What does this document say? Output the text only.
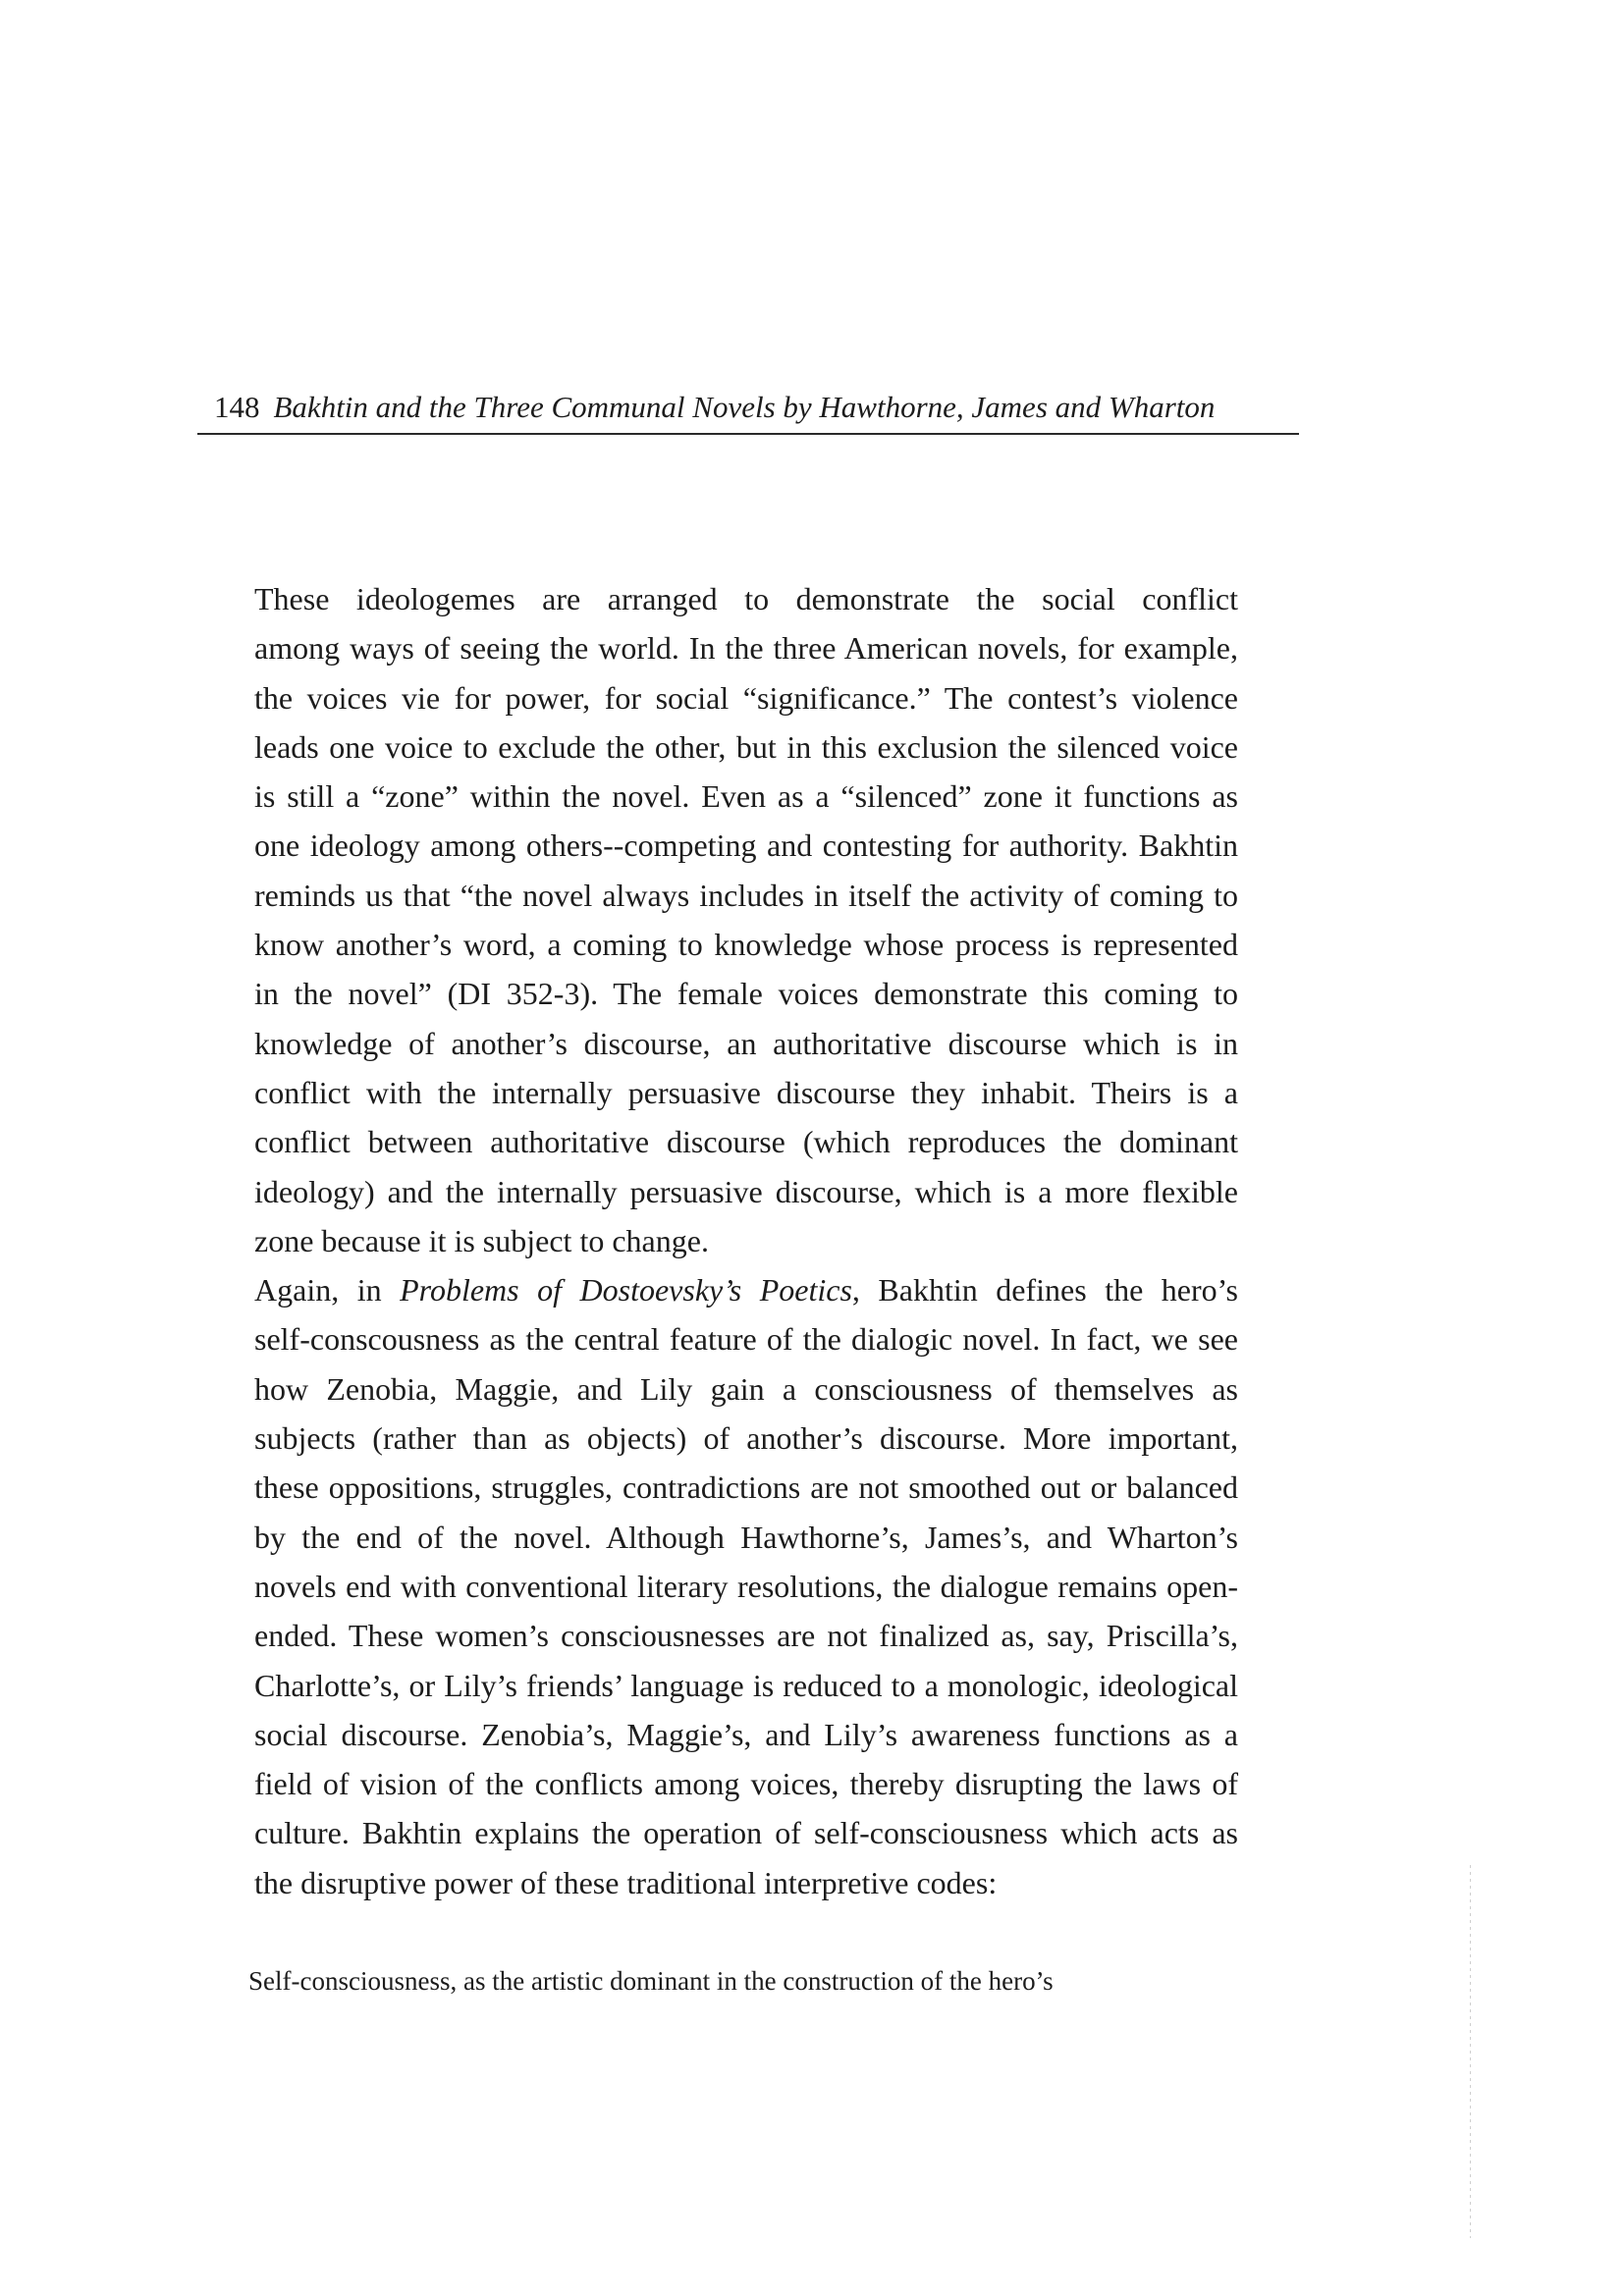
148 Bakhtin and the Three Communal Novels by Hawthorne, James and Wharton

These ideologemes are arranged to demonstrate the social conflict
among ways of seeing the world. In the three American novels, for example,
the voices vie for power, for social “significance.” The contest’s violence
leads one voice to exclude the other, but in this exclusion the silenced voice
is still a “zone” within the novel. Even as a “silenced” zone it functions as
one ideology among others--competing and contesting for authority. Bakhtin
reminds us that “the novel always includes in itself the activity of coming to
know another’s word, a coming to knowledge whose process is represented
in the novel” (DI 352-3). The female voices demonstrate this coming to
knowledge of another’s discourse, an authoritative discourse which is in
conflict with the internally persuasive discourse they inhabit. Theirs is a
conflict between authoritative discourse (which reproduces the dominant
ideology) and the internally persuasive discourse, which is a more flexible
zone because it is subject to change.

Again, in Problems of Dostoevsky’s Poetics, Bakhtin defines the hero’s
self-conscousness as the central feature of the dialogic novel. In fact, we see
how Zenobia, Maggie, and Lily gain a consciousness of themselves as
subjects (rather than as objects) of another’s discourse. More important,
these oppositions, struggles, contradictions are not smoothed out or balanced
by the end of the novel. Although Hawthorne’s, James’s, and Wharton’s
novels end with conventional literary resolutions, the dialogue remains open-
ended. These women’s consciousnesses are not finalized as, say, Priscilla’s,
Charlotte’s, or Lily’s friends’ language is reduced to a monologic, ideological
social discourse. Zenobia’s, Maggie’s, and Lily’s awareness functions as a
field of vision of the conflicts among voices, thereby disrupting the laws of
culture. Bakhtin explains the operation of self-consciousness which acts as
the disruptive power of these traditional interpretive codes:

Self-consciousness, as the artistic dominant in the construction of the hero’s
